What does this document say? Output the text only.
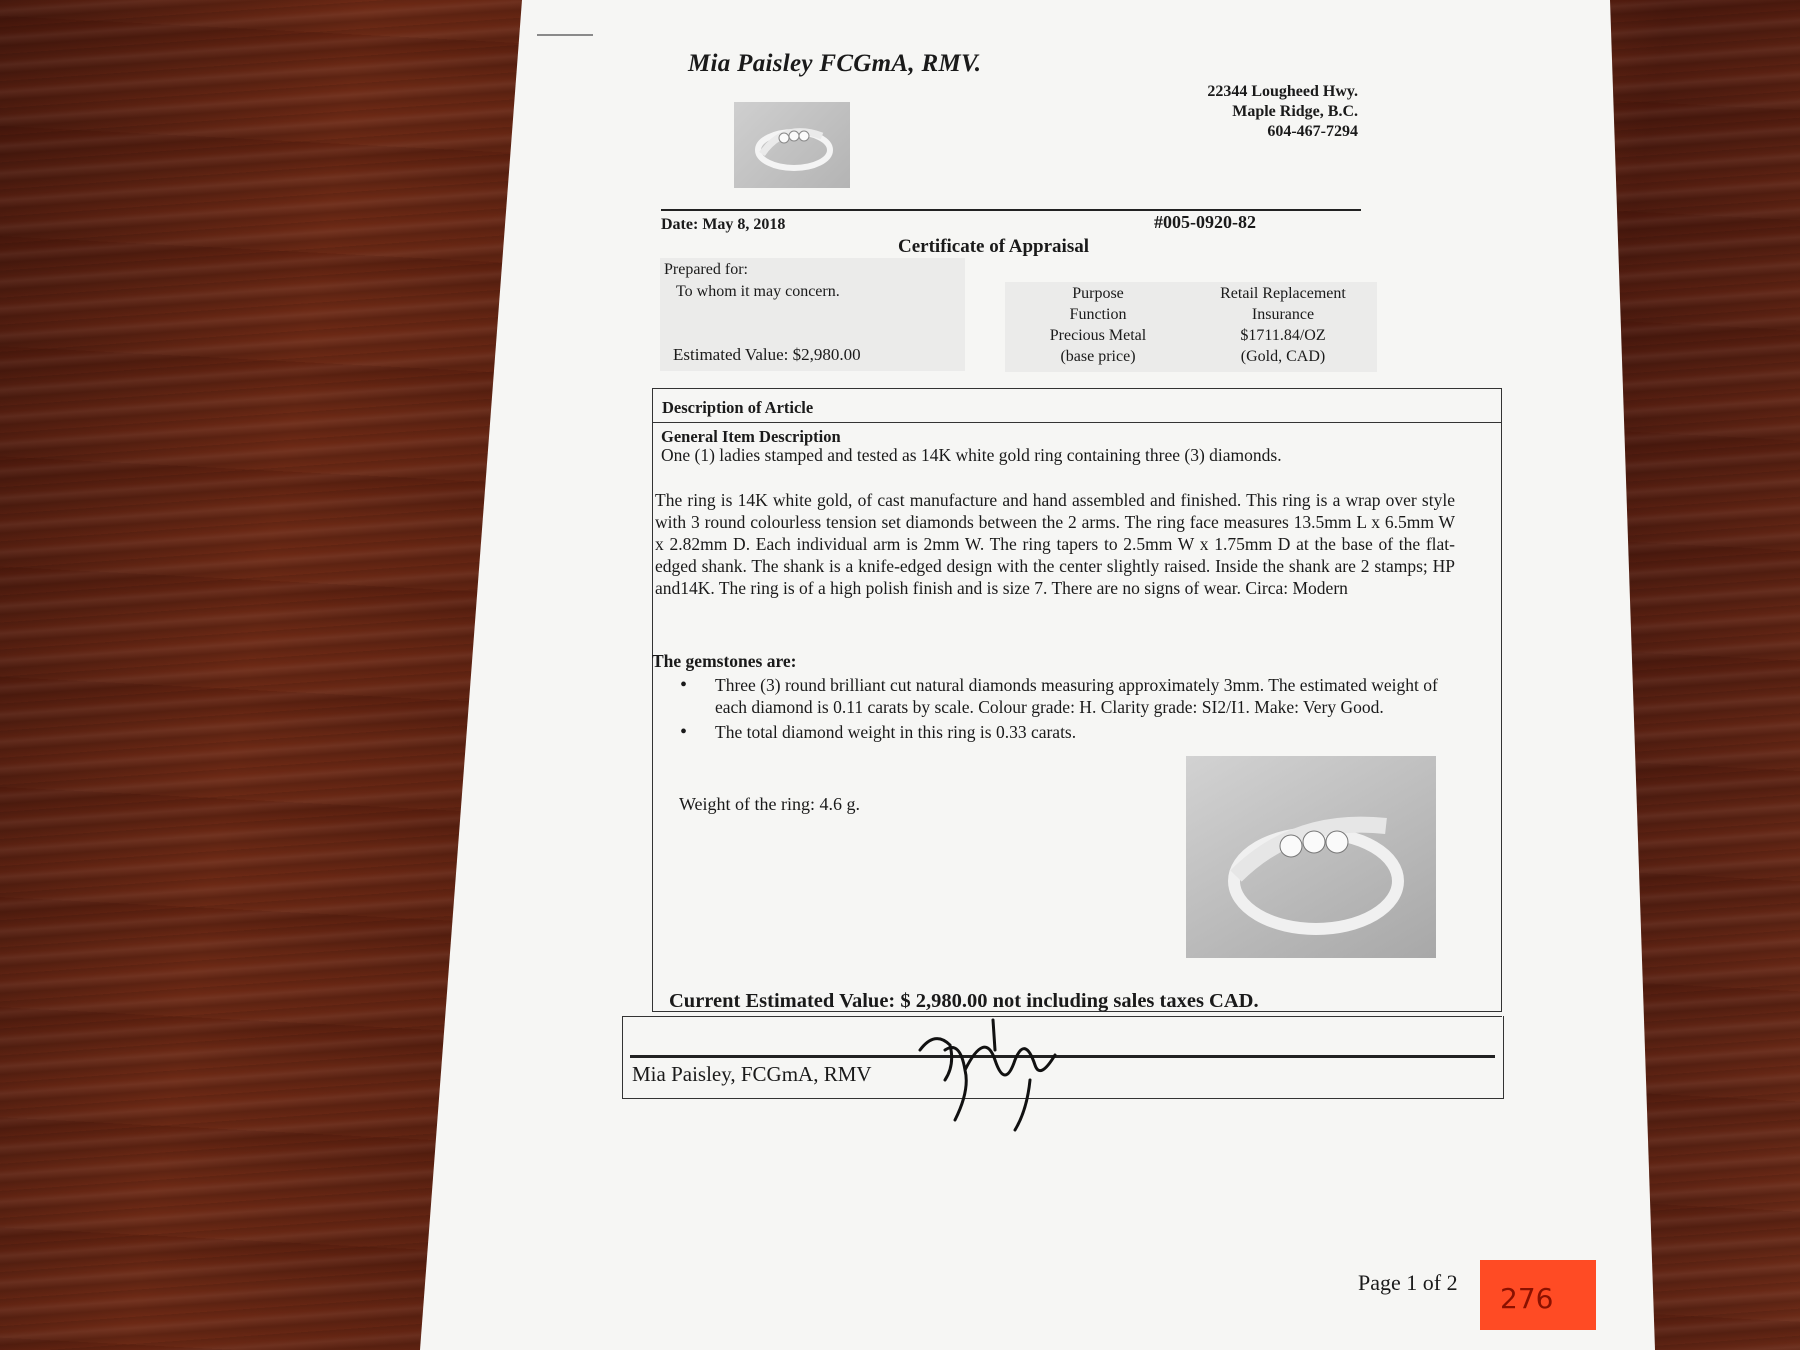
Mia Paisley FCGmA, RMV.
22344 Lougheed Hwy.
Maple Ridge, B.C.
604-467-7294
Date: May 8, 2018	#005-0920-82
Certificate of Appraisal
Prepared for:
To whom it may concern.
Estimated Value: $2,980.00
Purpose
Function
Precious Metal
(base price)
Retail Replacement
Insurance
$1711.84/OZ
(Gold, CAD)
Description of Article
General Item Description
One (1) ladies stamped and tested as 14K white gold ring containing three (3) diamonds.
The ring is 14K white gold, of cast manufacture and hand assembled and finished. This ring is a wrap over style with 3 round colourless tension set diamonds between the 2 arms. The ring face measures 13.5mm L x 6.5mm W x 2.82mm D. Each individual arm is 2mm W. The ring tapers to 2.5mm W x 1.75mm D at the base of the flat-edged shank. The shank is a knife-edged design with the center slightly raised. Inside the shank are 2 stamps; HP and14K. The ring is of a high polish finish and is size 7. There are no signs of wear. Circa: Modern
The gemstones are:
• Three (3) round brilliant cut natural diamonds measuring approximately 3mm. The estimated weight of each diamond is 0.11 carats by scale. Colour grade: H. Clarity grade: SI2/I1. Make: Very Good.
• The total diamond weight in this ring is 0.33 carats.
Weight of the ring: 4.6 g.
Current Estimated Value: $ 2,980.00 not including sales taxes CAD.
Mia Paisley, FCGmA, RMV
Page 1 of 2 276
